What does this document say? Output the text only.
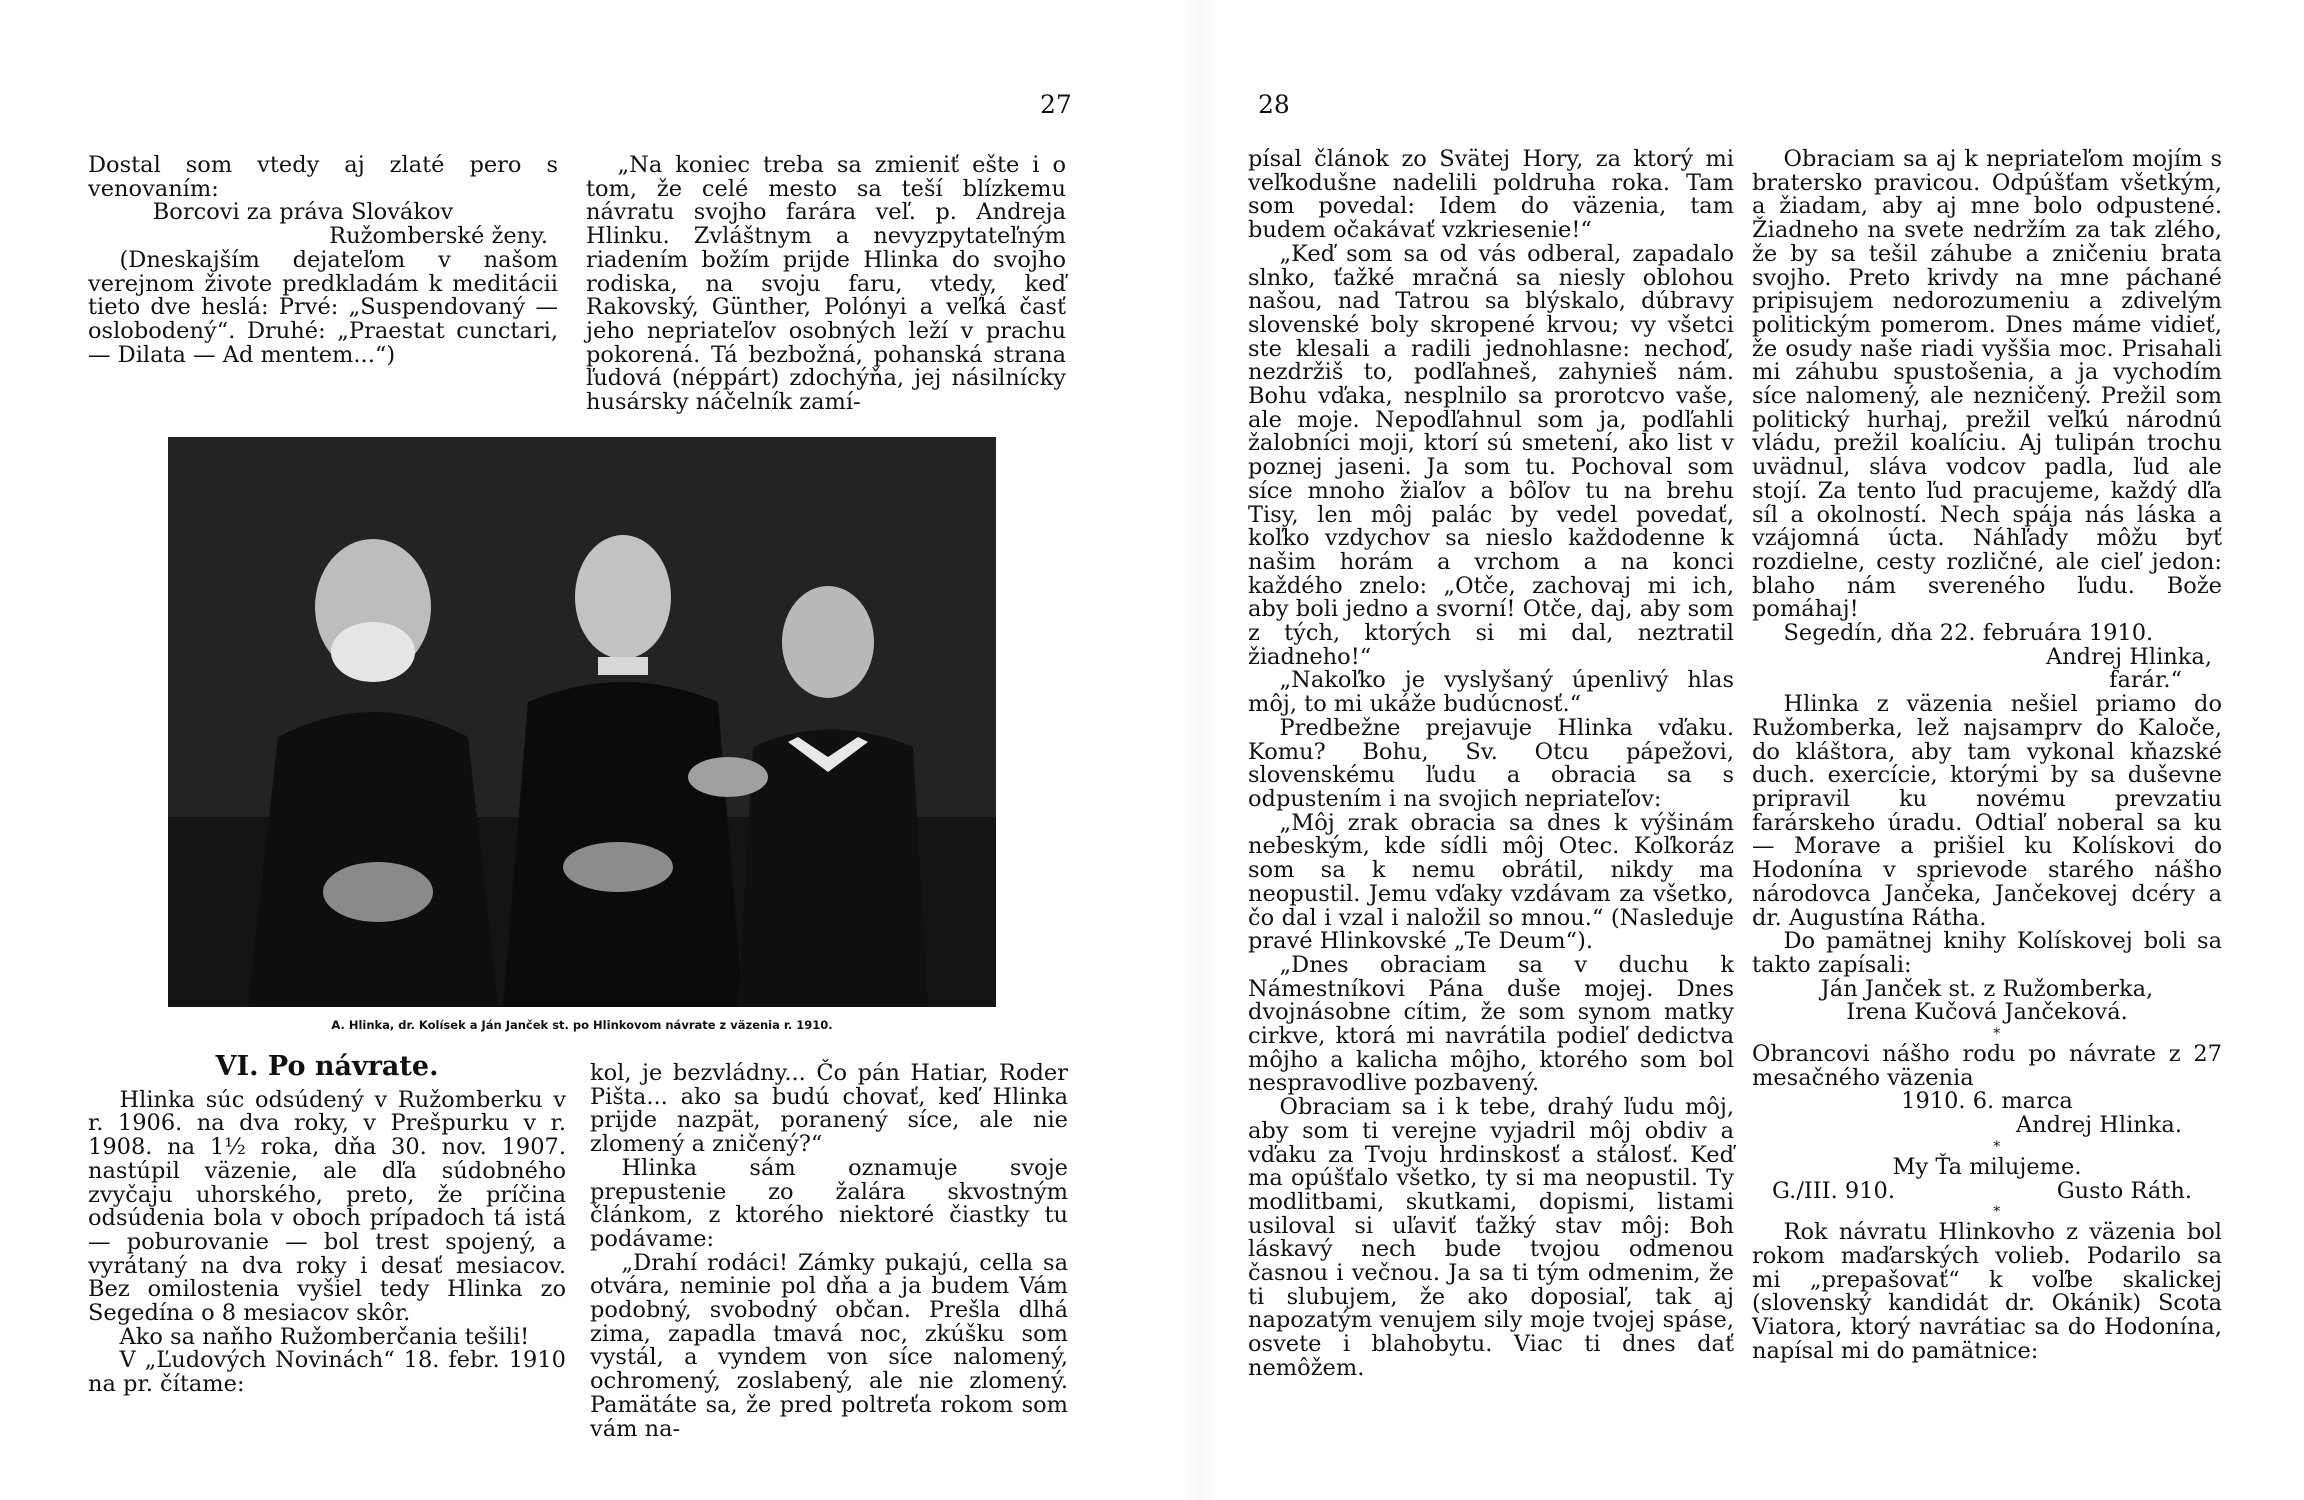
27

Dostal som vtedy aj zlaté pero s venovaním:

Borcovi za práva Slovákov

Ružomberské ženy.

(Dneskajším dejateľom v našom verejnom živote predkladám k meditácii tieto dve heslá: Prvé: „Suspendovaný — oslobodený“. Druhé: „Praestat cunctari, — Dilata — Ad mentem...“)

„Na koniec treba sa zmieniť ešte i o tom, že celé mesto sa teší blízkemu návratu svojho farára veľ. p. Andreja Hlinku. Zvláštnym a nevyzpytateľným riadením božím prijde Hlinka do svojho rodiska, na svoju faru, vtedy, keď Rakovský, Günther, Polónyi a veľká časť jeho nepriateľov osobných leží v prachu pokorená. Tá bezbožná, pohanská strana ľudová (néppárt) zdochýňa, jej násilnícky husársky náčelník zamí-

A. Hlinka, dr. Kolísek a Ján Janček st. po Hlinkovom návrate z väzenia r. 1910.
VI. Po návrate.

Hlinka súc odsúdený v Ružomberku v r. 1906. na dva roky, v Prešpurku v r. 1908. na 1½ roka, dňa 30. nov. 1907. nastúpil väzenie, ale dľa súdobného zvyčaju uhorského, preto, že príčina odsúdenia bola v oboch prípadoch tá istá — poburovanie — bol trest spojený, a vyrátaný na dva roky i desať mesiacov. Bez omilostenia vyšiel tedy Hlinka zo Segedína o 8 mesiacov skôr.

Ako sa naňho Ružomberčania tešili!

V „Ľudových Novinách“ 18. febr. 1910 na pr. čítame:

kol, je bezvládny... Čo pán Hatiar, Roder Pišta... ako sa budú chovať, keď Hlinka prijde nazpät, poranený síce, ale nie zlomený a zničený?“

Hlinka sám oznamuje svoje prepustenie zo žalára skvostným článkom, z ktorého niektoré čiastky tu podávame:

„Drahí rodáci! Zámky pukajú, cella sa otvára, neminie pol dňa a ja budem Vám podobný, svobodný občan. Prešla dlhá zima, zapadla tmavá noc, zkúšku som vystál, a vyndem von síce nalomený, ochromený, zoslabený, ale nie zlomený. Pamätáte sa, že pred poltreťa rokom som vám na-

28

písal článok zo Svätej Hory, za ktorý mi veľkodušne nadelili poldruha roka. Tam som povedal: Idem do väzenia, tam budem očakávať vzkriesenie!“

„Keď som sa od vás odberal, zapadalo slnko, ťažké mračná sa niesly oblohou našou, nad Tatrou sa blýskalo, dúbravy slovenské boly skropené krvou; vy všetci ste klesali a radili jednohlasne: nechoď, nezdržiš to, podľahneš, zahynieš nám. Bohu vďaka, nesplnilo sa prorotcvo vaše, ale moje. Nepodľahnul som ja, podľahli žalobníci moji, ktorí sú smetení, ako list v poznej jaseni. Ja som tu. Pochoval som síce mnoho žiaľov a bôľov tu na brehu Tisy, len môj palác by vedel povedať, koľko vzdychov sa nieslo každodenne k našim horám a vrchom a na konci každého znelo: „Otče, zachovaj mi ich, aby boli jedno a svorní! Otče, daj, aby som z tých, ktorých si mi dal, neztratil žiadneho!“

„Nakoľko je vyslyšaný úpenlivý hlas môj, to mi ukáže budúcnosť.“

Predbežne prejavuje Hlinka vďaku. Komu? Bohu, Sv. Otcu pápežovi, slovenskému ľudu a obracia sa s odpustením i na svojich nepriateľov:

„Môj zrak obracia sa dnes k výšinám nebeským, kde sídli môj Otec. Koľkoráz som sa k nemu obrátil, nikdy ma neopustil. Jemu vďaky vzdávam za všetko, čo dal i vzal i naložil so mnou.“ (Nasleduje pravé Hlinkovské „Te Deum“).

„Dnes obraciam sa v duchu k Námestníkovi Pána duše mojej. Dnes dvojnásobne cítim, že som synom matky cirkve, ktorá mi navrátila podieľ dedictva môjho a kalicha môjho, ktorého som bol nespravodlive pozbavený.

Obraciam sa i k tebe, drahý ľudu môj, aby som ti verejne vyjadril môj obdiv a vďaku za Tvoju hrdinskosť a stálosť. Keď ma opúšťalo všetko, ty si ma neopustil. Ty modlitbami, skutkami, dopismi, listami usiloval si uľaviť ťažký stav môj: Boh láskavý nech bude tvojou odmenou časnou i večnou. Ja sa ti tým odmenim, že ti slubujem, že ako doposiaľ, tak aj napozatým venujem sily moje tvojej spáse, osvete i blahobytu. Viac ti dnes dať nemôžem.

Obraciam sa aj k nepriateľom mojím s bratersko pravicou. Odpúšťam všetkým, a žiadam, aby aj mne bolo odpustené. Žiadneho na svete nedržím za tak zlého, že by sa tešil záhube a zničeniu brata svojho. Preto krivdy na mne páchané pripisujem nedorozumeniu a zdivelým politickým pomerom. Dnes máme vidieť, že osudy naše riadi vyššia moc. Prisahali mi záhubu spustošenia, a ja vychodím síce nalomený, ale nezničený. Prežil som politický hurhaj, prežil veľkú národnú vládu, prežil koalíciu. Aj tulipán trochu uvädnul, sláva vodcov padla, ľud ale stojí. Za tento ľud pracujeme, každý dľa síl a okolností. Nech spája nás láska a vzájomná úcta. Náhľady môžu byť rozdielne, cesty rozličné, ale cieľ jedon: blaho nám sverenéhо ľudu. Bože pomáhaj!

Segedín, dňa 22. februára 1910.

Andrej Hlinka,

farár.“

Hlinka z väzenia nešiel priamo do Ružomberka, lež najsamprv do Kaloče, do kláštora, aby tam vykonal kňazské duch. exercície, ktorými by sa duševne pripravil ku novému prevzatiu farárskeho úradu. Odtiaľ noberal sa ku — Morave a prišiel ku Kolískovi do Hodonína v sprievode starého nášho národovca Jančeka, Jančekovej dcéry a dr. Augustína Rátha.

Do pamätnej knihy Kolískovej boli sa takto zapísali:

Ján Janček st. z Ružomberka,

Irena Kučová Jančeková.

*

Obrancovi nášho rodu po návrate z 27 mesačného väzenia

1910. 6. marca

Andrej Hlinka.

*

My Ťa milujeme.

G./III. 910.	Gusto Ráth.

*

Rok návratu Hlinkovho z väzenia bol rokom maďarských volieb. Podarilo sa mi „prepašovať“ k voľbe skalickej (slovenský kandidát dr. Okánik) Scota Viatora, ktorý navrátiac sa do Hodonína, napísal mi do pamätnice:
